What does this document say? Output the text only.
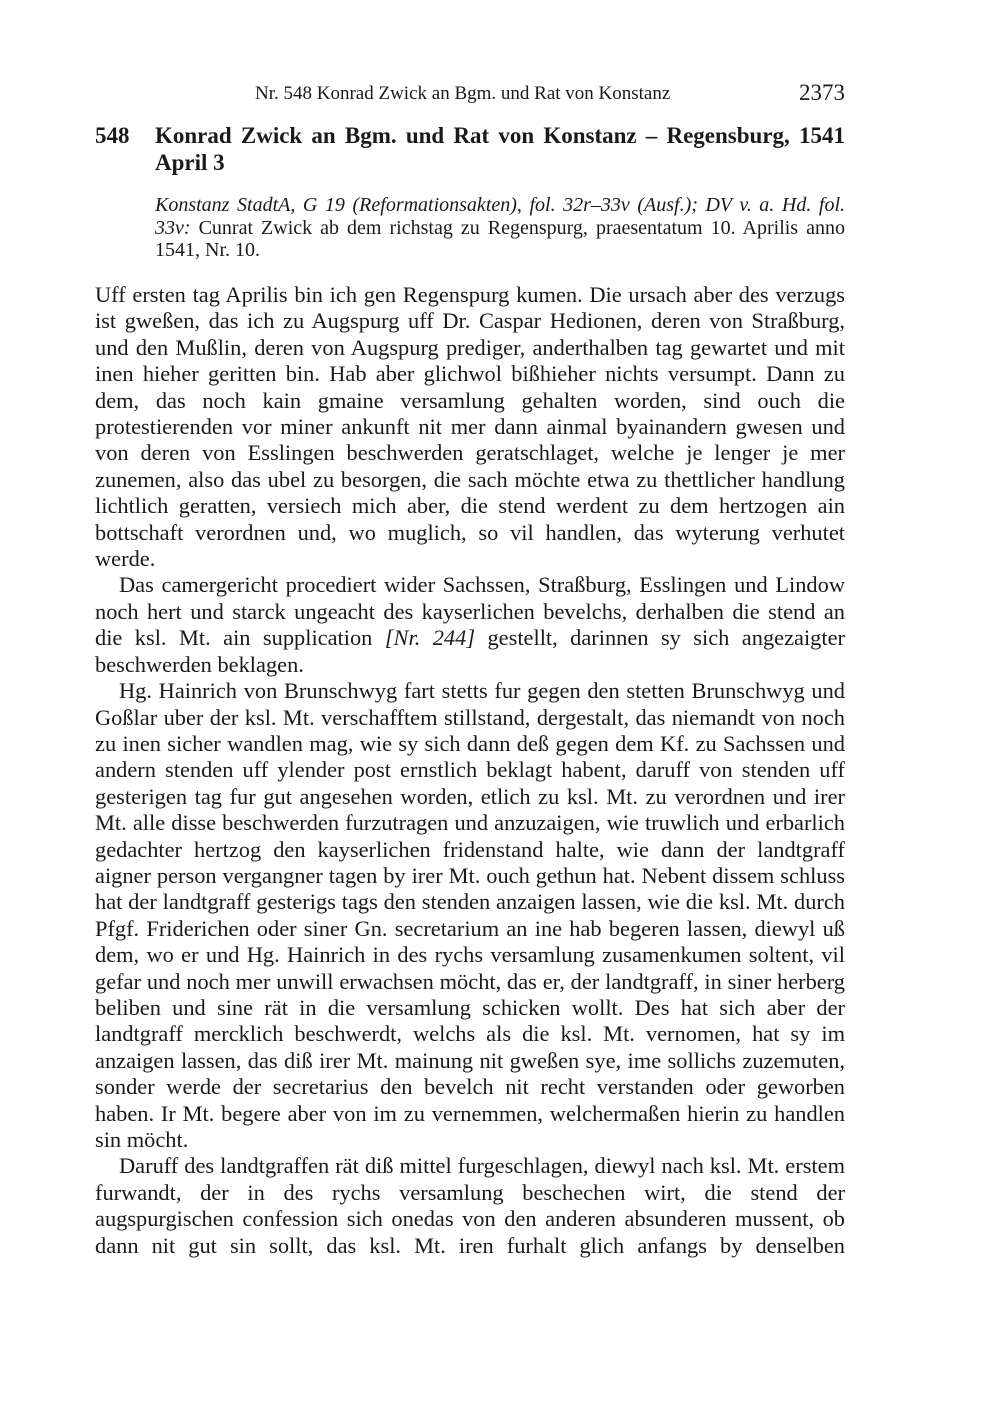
Nr. 548 Konrad Zwick an Bgm. und Rat von Konstanz	2373
548 Konrad Zwick an Bgm. und Rat von Konstanz – Regensburg, 1541 April 3
Konstanz StadtA, G 19 (Reformationsakten), fol. 32r–33v (Ausf.); DV v. a. Hd. fol. 33v: Cunrat Zwick ab dem richstag zu Regenspurg, praesentatum 10. Aprilis anno 1541, Nr. 10.

Uff ersten tag Aprilis bin ich gen Regenspurg kumen. Die ursach aber des verzugs ist gweßen, das ich zu Augspurg uff Dr. Caspar Hedionen, deren von Straßburg, und den Mußlin, deren von Augspurg prediger, anderthalben tag gewartet und mit inen hieher geritten bin. Hab aber glichwol bißhieher nichts versumpt. Dann zu dem, das noch kain gmaine versamlung gehalten worden, sind ouch die protestierenden vor miner ankunft nit mer dann ainmal byainandern gwesen und von deren von Esslingen beschwerden geratschlaget, welche je lenger je mer zunemen, also das ubel zu besorgen, die sach möchte etwa zu thettlicher handlung lichtlich geratten, versiech mich aber, die stend werdent zu dem hertzogen ain bottschaft verordnen und, wo muglich, so vil handlen, das wyterung verhutet werde.

Das camergericht procediert wider Sachssen, Straßburg, Esslingen und Lindow noch hert und starck ungeacht des kayserlichen bevelchs, derhalben die stend an die ksl. Mt. ain supplication [Nr. 244] gestellt, darinnen sy sich angezaigter beschwerden beklagen.

Hg. Hainrich von Brunschwyg fart stetts fur gegen den stetten Brunschwyg und Goßlar uber der ksl. Mt. verschafftem stillstand, dergestalt, das niemandt von noch zu inen sicher wandlen mag, wie sy sich dann deß gegen dem Kf. zu Sachssen und andern stenden uff ylender post ernstlich beklagt habent, daruff von stenden uff gesterigen tag fur gut angesehen worden, etlich zu ksl. Mt. zu verordnen und irer Mt. alle disse beschwerden furzutragen und anzuzaigen, wie truwlich und erbarlich gedachter hertzog den kayserlichen fridenstand halte, wie dann der landtgraff aigner person vergangner tagen by irer Mt. ouch gethun hat. Nebent dissem schluss hat der landtgraff gesterigs tags den stenden anzaigen lassen, wie die ksl. Mt. durch Pfgf. Friderichen oder siner Gn. secretarium an ine hab begeren lassen, diewyl uß dem, wo er und Hg. Hainrich in des rychs versamlung zusamenkumen soltent, vil gefar und noch mer unwill erwachsen möcht, das er, der landtgraff, in siner herberg beliben und sine rät in die versamlung schicken wollt. Des hat sich aber der landtgraff mercklich beschwerdt, welchs als die ksl. Mt. vernomen, hat sy im anzaigen lassen, das diß irer Mt. mainung nit gweßen sye, ime sollichs zuzemuten, sonder werde der secretarius den bevelch nit recht verstanden oder geworben haben. Ir Mt. begere aber von im zu vernemmen, welchermaßen hierin zu handlen sin möcht.

Daruff des landtgraffen rät diß mittel furgeschlagen, diewyl nach ksl. Mt. erstem furwandt, der in des rychs versamlung beschechen wirt, die stend der augspurgischen confession sich onedas von den anderen absunderen mussent, ob dann nit gut sin sollt, das ksl. Mt. iren furhalt glich anfangs by denselben
